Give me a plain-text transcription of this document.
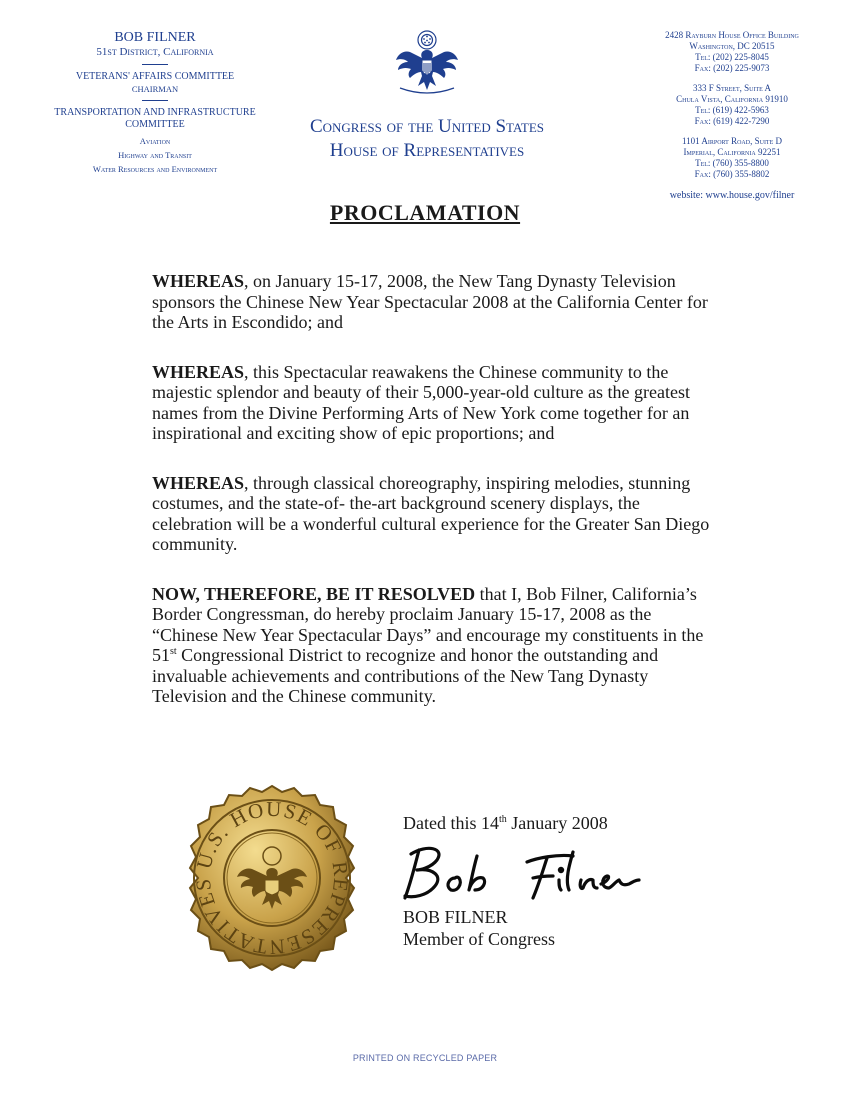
BOB FILNER
51st District, California
VETERANS' AFFAIRS COMMITTEE
CHAIRMAN
TRANSPORTATION AND INFRASTRUCTURE COMMITTEE
Aviation
Highway and Transit
Water Resources and Environment
Congress of the United States
House of Representatives
2428 Rayburn House Office Building
Washington, DC 20515
Tel: (202) 225-8045
Fax: (202) 225-9073
333 F Street, Suite A
Chula Vista, California 91910
Tel: (619) 422-5963
Fax: (619) 422-7290
1101 Airport Road, Suite D
Imperial, California 92251
Tel: (760) 355-8800
Fax: (760) 355-8802
website: www.house.gov/filner
PROCLAMATION

WHEREAS, on January 15-17, 2008, the New Tang Dynasty Television sponsors the Chinese New Year Spectacular 2008 at the California Center for the Arts in Escondido; and

WHEREAS, this Spectacular reawakens the Chinese community to the majestic splendor and beauty of their 5,000-year-old culture as the greatest names from the Divine Performing Arts of New York come together for an inspirational and exciting show of epic proportions; and

WHEREAS, through classical choreography, inspiring melodies, stunning costumes, and the state-of- the-art background scenery displays, the celebration will be a wonderful cultural experience for the Greater San Diego community.

NOW, THEREFORE, BE IT RESOLVED that I, Bob Filner, California’s Border Congressman, do hereby proclaim January 15-17, 2008 as the “Chinese New Year Spectacular Days” and encourage my constituents in the 51st Congressional District to recognize and honor the outstanding and invaluable achievements and contributions of the New Tang Dynasty Television and the Chinese community.

U.S. HOUSE OF REPRESENTATIVES
Dated this 14th January 2008
BOB FILNER
Member of Congress
PRINTED ON RECYCLED PAPER
